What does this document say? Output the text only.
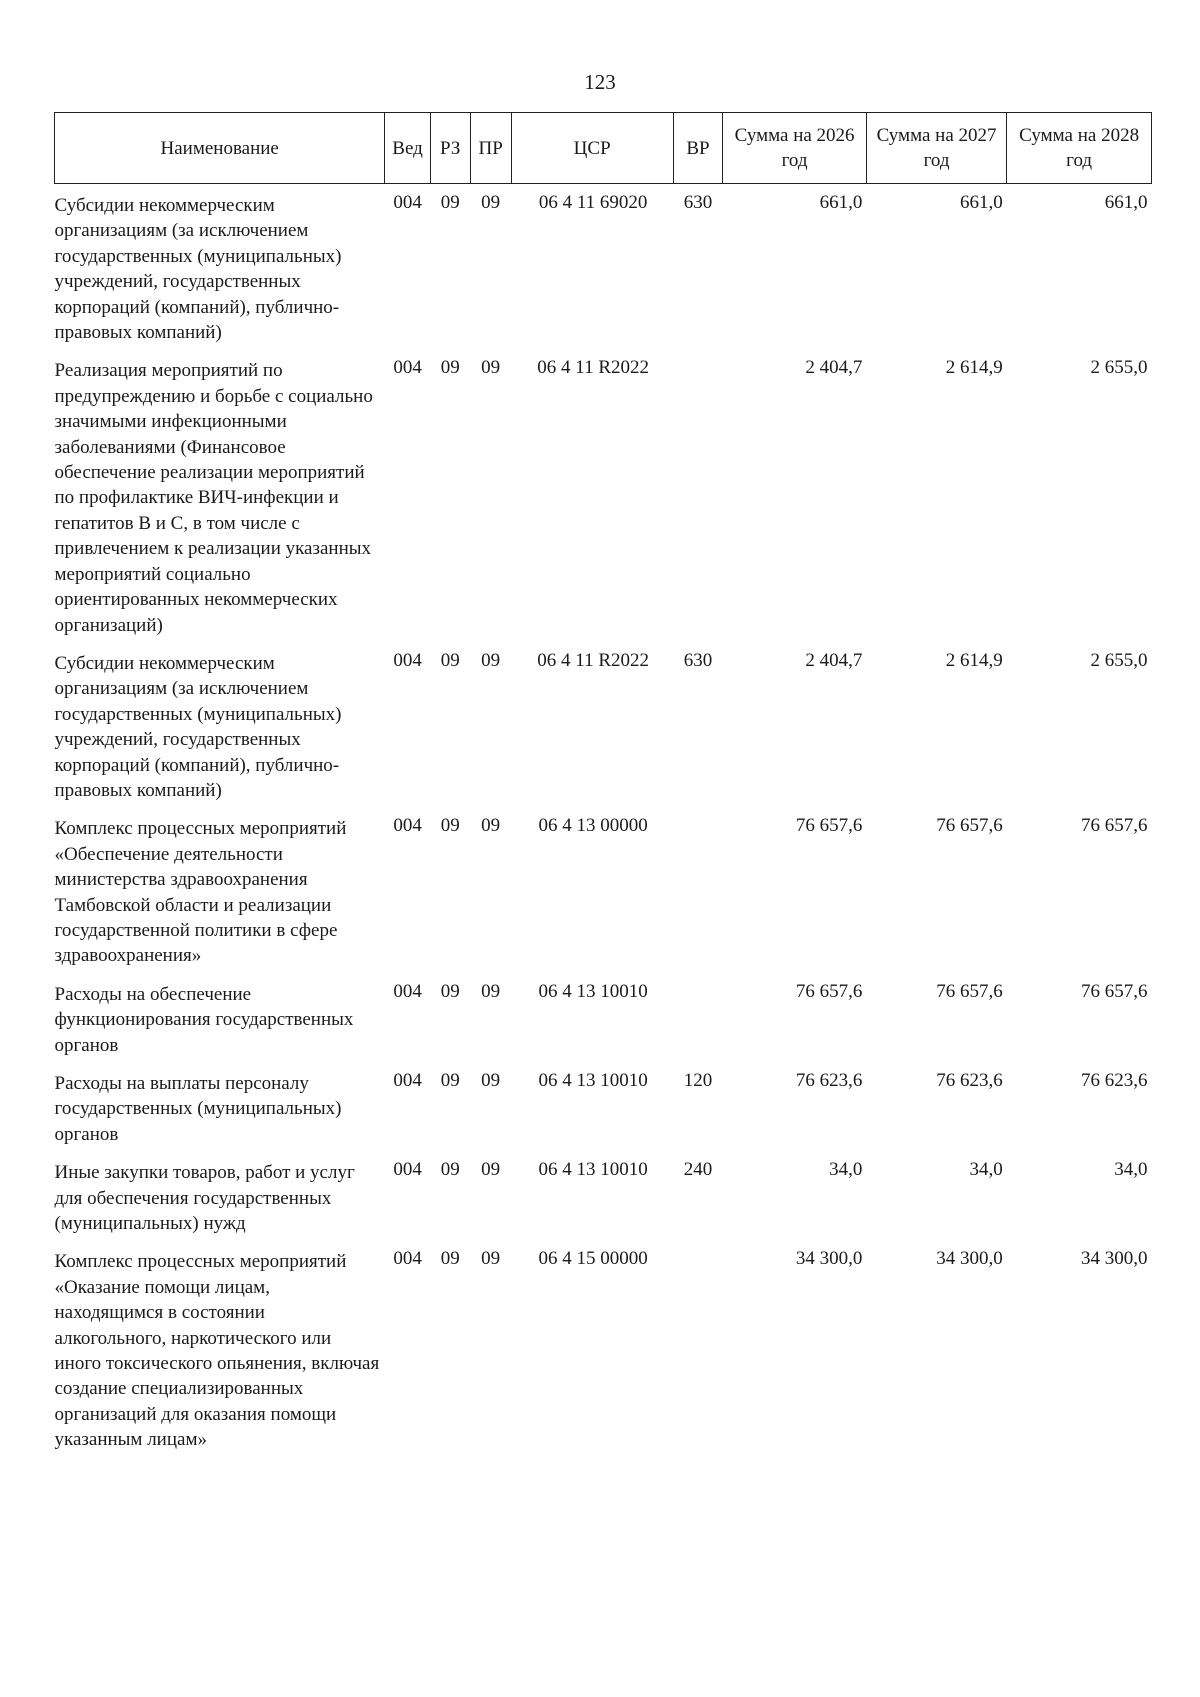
123
Наименование	Вед	РЗ	ПР	ЦСР	ВР	Сумма на 2026 год	Сумма на 2027 год	Сумма на 2028 год
Субсидии некоммерческим организациям (за исключением государственных (муниципальных) учреждений, государственных корпораций (компаний), публично-правовых компаний)	004	09	09	06 4 11 69020	630	661,0	661,0	661,0
Реализация мероприятий по предупреждению и борьбе с социально значимыми инфекционными заболеваниями (Финансовое обеспечение реализации мероприятий по профилактике ВИЧ-инфекции и гепатитов B и C, в том числе с привлечением к реализации указанных мероприятий социально ориентированных некоммерческих организаций)	004	09	09	06 4 11 R2022		2 404,7	2 614,9	2 655,0
Субсидии некоммерческим организациям (за исключением государственных (муниципальных) учреждений, государственных корпораций (компаний), публично-правовых компаний)	004	09	09	06 4 11 R2022	630	2 404,7	2 614,9	2 655,0
Комплекс процессных мероприятий «Обеспечение деятельности министерства здравоохранения Тамбовской области и реализации государственной политики в сфере здравоохранения»	004	09	09	06 4 13 00000		76 657,6	76 657,6	76 657,6
Расходы на обеспечение функционирования государственных органов	004	09	09	06 4 13 10010		76 657,6	76 657,6	76 657,6
Расходы на выплаты персоналу государственных (муниципальных) органов	004	09	09	06 4 13 10010	120	76 623,6	76 623,6	76 623,6
Иные закупки товаров, работ и услуг для обеспечения государственных (муниципальных) нужд	004	09	09	06 4 13 10010	240	34,0	34,0	34,0
Комплекс процессных мероприятий «Оказание помощи лицам, находящимся в состоянии алкогольного, наркотического или иного токсического опьянения, включая создание специализированных организаций для оказания помощи указанным лицам»	004	09	09	06 4 15 00000		34 300,0	34 300,0	34 300,0
